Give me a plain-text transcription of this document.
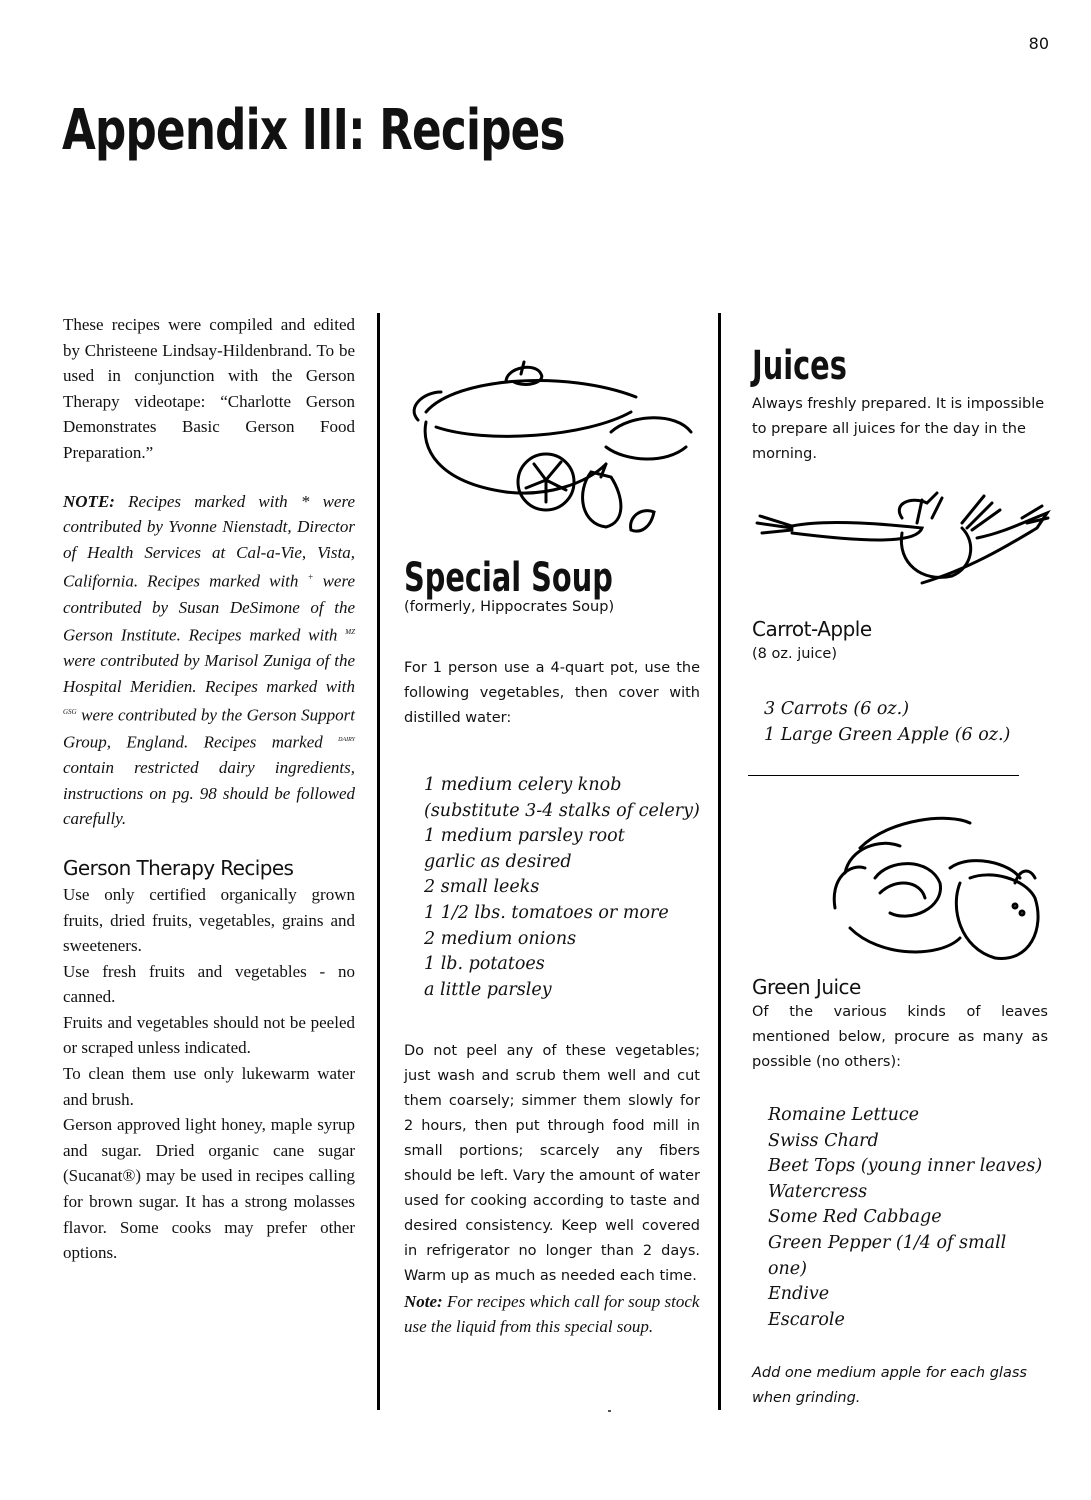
80
Appendix III: Recipes

These recipes were compiled and edited by Christeene Lindsay-Hildenbrand. To be used in conjunction with the Gerson Therapy videotape: “Charlotte Gerson Demonstrates Basic Gerson Food Preparation.”

NOTE: Recipes marked with * were contributed by Yvonne Nienstadt, Director of Health Services at Cal-a-Vie, Vista, California. Recipes marked with + were contributed by Susan DeSimone of the Gerson Institute. Recipes marked with $^{MZ}$ were contributed by Marisol Zuniga of the Hospital Meridien. Recipes marked with $^{GSG}$ were contributed by the Gerson Support Group, England. Recipes marked $^{DAIRY}$ contain restricted dairy ingredients, instructions on pg. 98 should be followed carefully.

Gerson Therapy Recipes

Use only certified organically grown fruits, dried fruits, vegetables, grains and sweeteners.

Use fresh fruits and vegetables - no canned.

Fruits and vegetables should not be peeled or scraped unless indicated.

To clean them use only lukewarm water and brush.

Gerson approved light honey, maple syrup and sugar. Dried organic cane sugar (Sucanat®) may be used in recipes calling for brown sugar. It has a strong molasses flavor. Some cooks may prefer other options.

Special Soup

(formerly, Hippocrates Soup)

For 1 person use a 4-quart pot, use the following vegetables, then cover with distilled water:

1 medium celery knob
(substitute 3-4 stalks of celery)
1 medium parsley root
garlic as desired
2 small leeks
1 1/2 lbs. tomatoes or more
2 medium onions
1 lb. potatoes
a little parsley

Do not peel any of these vegetables; just wash and scrub them well and cut them coarsely; simmer them slowly for 2 hours, then put through food mill in small portions; scarcely any fibers should be left. Vary the amount of water used for cooking according to taste and desired consistency. Keep well covered in refrigerator no longer than 2 days. Warm up as much as needed each time.

Note: For recipes which call for soup stock use the liquid from this special soup.

Juices

Always freshly prepared. It is impossible to prepare all juices for the day in the morning.

Carrot-Apple

(8 oz. juice)

3 Carrots (6 oz.)
1 Large Green Apple (6 oz.)
Green Juice

Of the various kinds of leaves mentioned below, procure as many as possible (no others):

Romaine Lettuce
Swiss Chard
Beet Tops (young inner leaves)
Watercress
Some Red Cabbage
Green Pepper (1/4 of small one)
Endive
Escarole

Add one medium apple for each glass when grinding.
